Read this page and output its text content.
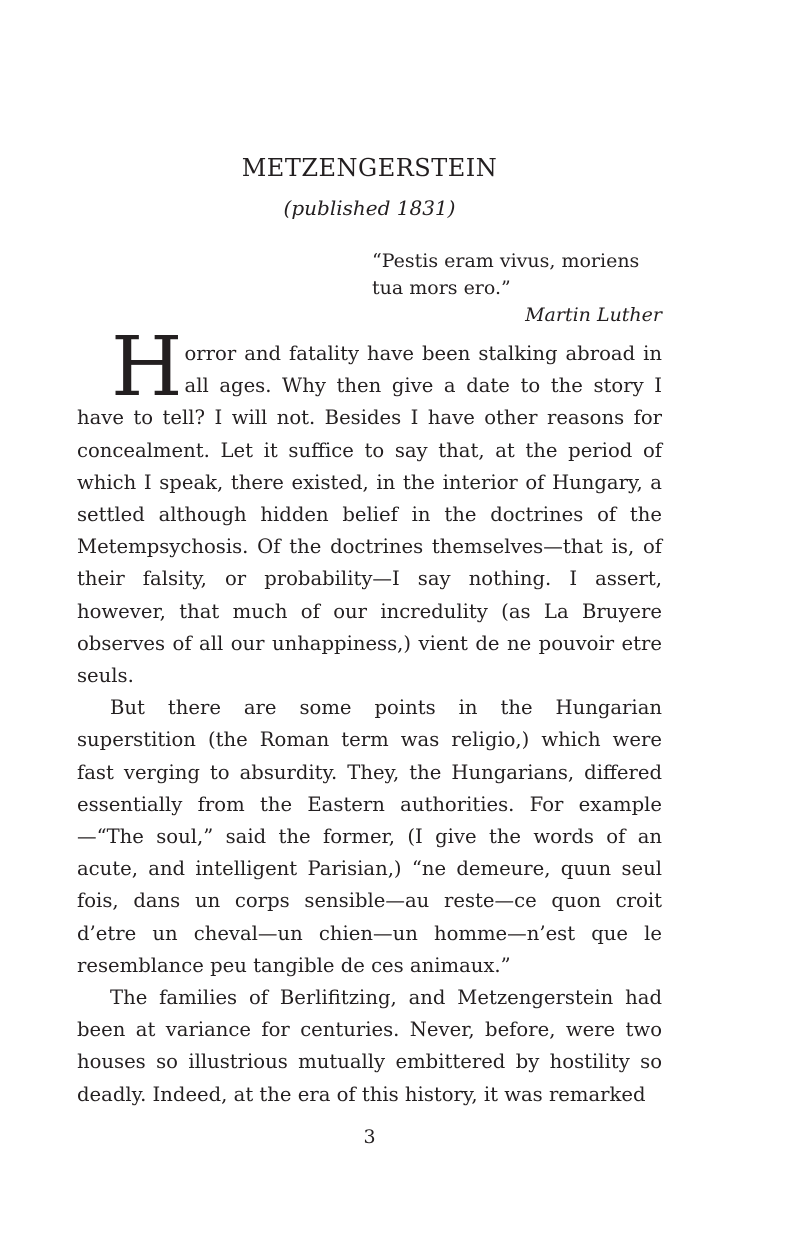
METZENGERSTEIN

(published 1831)

“Pestis eram vivus, moriens tua mors ero.”

Martin Luther

Horror and fatality have been stalking abroad in all ages. Why then give a date to the story I have to tell? I will not. Besides I have other reasons for concealment. Let it suffice to say that, at the period of which I speak, there existed, in the interior of Hungary, a settled although hidden belief in the doctrines of the Metempsychosis. Of the doctrines themselves—that is, of their falsity, or probability—I say nothing. I assert, however, that much of our incredulity (as La Bruyere observes of all our unhappiness,) vient de ne pouvoir etre seuls.

But there are some points in the Hungarian superstition (the Roman term was religio,) which were fast verging to absurdity. They, the Hungarians, differed essentially from the Eastern authorities. For example—“The soul,” said the former, (I give the words of an acute, and intelligent Parisian,) “ne demeure, quun seul fois, dans un corps sensible—au reste—ce quon croit d’etre un cheval—un chien—un homme—n’est que le resemblance peu tangible de ces animaux.”

The families of Berlifitzing, and Metzengerstein had been at variance for centuries. Never, before, were two houses so illustrious mutually embittered by hostility so deadly. Indeed, at the era of this history, it was remarked

3
